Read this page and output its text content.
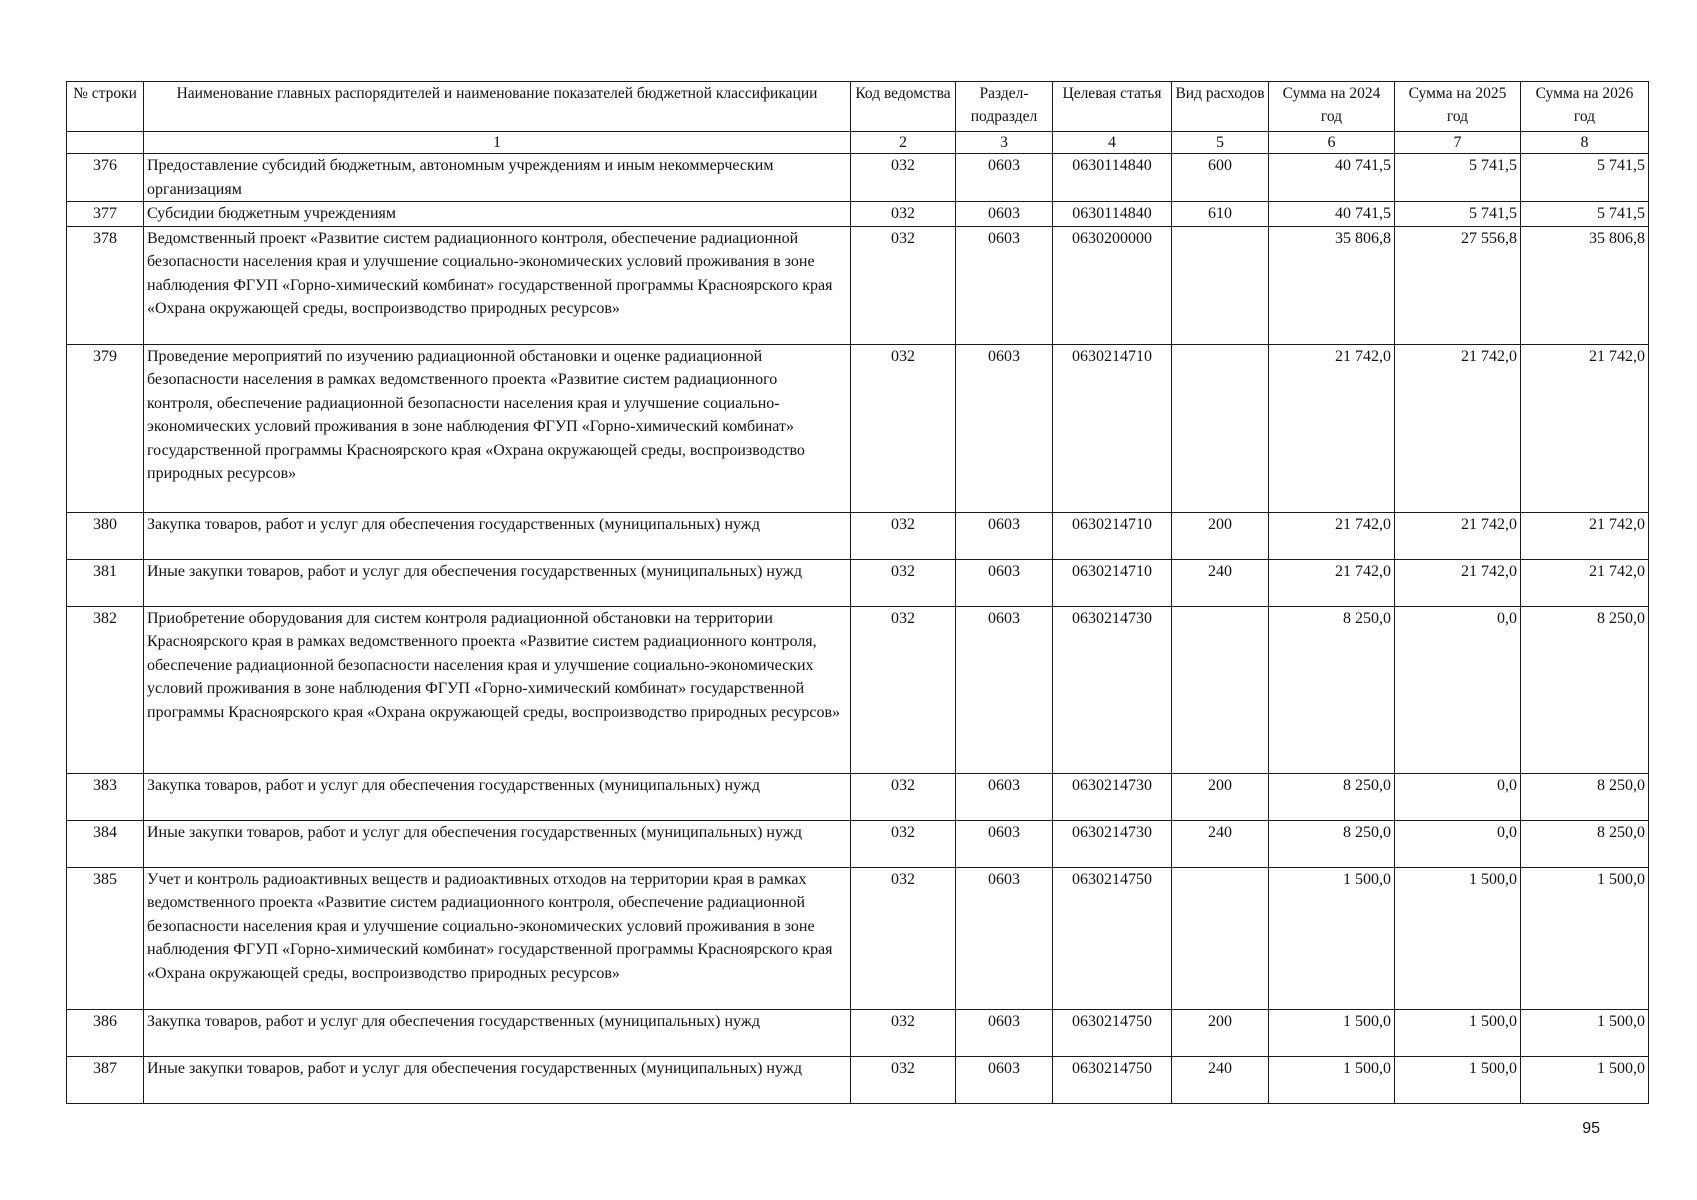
№ строки	Наименование главных распорядителей и наименование показателей бюджетной классификации	Код ведомства	Раздел-подраздел	Целевая статья	Вид расходов	Сумма на 2024 год	Сумма на 2025 год	Сумма на 2026 год
	1	2	3	4	5	6	7	8
376	Предоставление субсидий бюджетным, автономным учреждениям и иным некоммерческим организациям	032	0603	0630114840	600	40 741,5	5 741,5	5 741,5
377	Субсидии бюджетным учреждениям	032	0603	0630114840	610	40 741,5	5 741,5	5 741,5
378	Ведомственный проект «Развитие систем радиационного контроля, обеспечение радиационной безопасности населения края и улучшение социально-экономических условий проживания в зоне наблюдения ФГУП «Горно-химический комбинат» государственной программы Красноярского края «Охрана окружающей среды, воспроизводство природных ресурсов»	032	0603	0630200000		35 806,8	27 556,8	35 806,8
379	Проведение мероприятий по изучению радиационной обстановки и оценке радиационной безопасности населения в рамках ведомственного проекта «Развитие систем радиационного контроля, обеспечение радиационной безопасности населения края и улучшение социально-экономических условий проживания в зоне наблюдения ФГУП «Горно-химический комбинат» государственной программы Красноярского края «Охрана окружающей среды, воспроизводство природных ресурсов»	032	0603	0630214710		21 742,0	21 742,0	21 742,0
380	Закупка товаров, работ и услуг для обеспечения государственных (муниципальных) нужд	032	0603	0630214710	200	21 742,0	21 742,0	21 742,0
381	Иные закупки товаров, работ и услуг для обеспечения государственных (муниципальных) нужд	032	0603	0630214710	240	21 742,0	21 742,0	21 742,0
382	Приобретение оборудования для систем контроля радиационной обстановки на территории Красноярского края в рамках ведомственного проекта «Развитие систем радиационного контроля, обеспечение радиационной безопасности населения края и улучшение социально-экономических условий проживания в зоне наблюдения ФГУП «Горно-химический комбинат» государственной программы Красноярского края «Охрана окружающей среды, воспроизводство природных ресурсов»	032	0603	0630214730		8 250,0	0,0	8 250,0
383	Закупка товаров, работ и услуг для обеспечения государственных (муниципальных) нужд	032	0603	0630214730	200	8 250,0	0,0	8 250,0
384	Иные закупки товаров, работ и услуг для обеспечения государственных (муниципальных) нужд	032	0603	0630214730	240	8 250,0	0,0	8 250,0
385	Учет и контроль радиоактивных веществ и радиоактивных отходов на территории края в рамках ведомственного проекта «Развитие систем радиационного контроля, обеспечение радиационной безопасности населения края и улучшение социально-экономических условий проживания в зоне наблюдения ФГУП «Горно-химический комбинат» государственной программы Красноярского края «Охрана окружающей среды, воспроизводство природных ресурсов»	032	0603	0630214750		1 500,0	1 500,0	1 500,0
386	Закупка товаров, работ и услуг для обеспечения государственных (муниципальных) нужд	032	0603	0630214750	200	1 500,0	1 500,0	1 500,0
387	Иные закупки товаров, работ и услуг для обеспечения государственных (муниципальных) нужд	032	0603	0630214750	240	1 500,0	1 500,0	1 500,0
95
